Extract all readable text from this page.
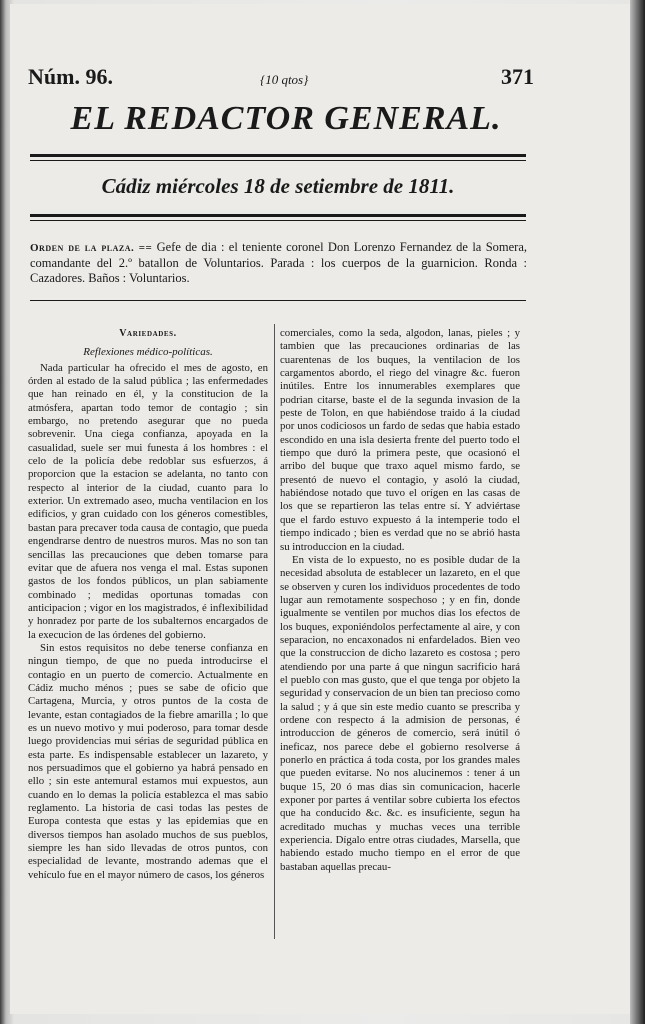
Núm. 96.	{10 qtos}	371
EL REDACTOR GENERAL.
Cádiz miércoles 18 de setiembre de 1811.
Orden de la plaza. == Gefe de dia : el teniente coronel Don Lorenzo Fernandez de la Somera, comandante del 2.º batallon de Voluntarios. Parada : los cuerpos de la guarnicion. Ronda : Cazadores. Baños : Voluntarios.
Variedades.
Reflexiones médico-políticas.

Nada particular ha ofrecido el mes de agosto, en órden al estado de la salud pública ; las enfermedades que han reinado en él, y la constitucion de la atmósfera, apartan todo temor de contagio ; sin embargo, no pretendo asegurar que no pueda sobrevenir. Una ciega confianza, apoyada en la casualidad, suele ser mui funesta á los hombres : el celo de la policía debe redoblar sus esfuerzos, á proporcion que la estacion se adelanta, no tanto con respecto al interior de la ciudad, cuanto para lo exterior. Un extremado aseo, mucha ventilacion en los edificios, y gran cuidado con los géneros comestibles, bastan para precaver toda causa de contagio, que pueda engendrarse dentro de nuestros muros. Mas no son tan sencillas las precauciones que deben tomarse para evitar que de afuera nos venga el mal. Estas suponen gastos de los fondos públicos, un plan sabiamente combinado ; medidas oportunas tomadas con anticipacion ; vigor en los magistrados, é inflexibilidad y honradez por parte de los subalternos encargados de la execucion de las órdenes del gobierno.

Sin estos requisitos no debe tenerse confianza en ningun tiempo, de que no pueda introducirse el contagio en un puerto de comercio. Actualmente en Cádiz mucho ménos ; pues se sabe de oficio que Cartagena, Murcia, y otros puntos de la costa de levante, estan contagiados de la fiebre amarilla ; lo que es un nuevo motivo y mui poderoso, para tomar desde luego providencias mui sérias de seguridad pública en esta parte. Es indispensable establecer un lazareto, y nos persuadimos que el gobierno ya habrá pensado en ello ; sin este antemural estamos mui expuestos, aun cuando en lo demas la policía establezca el mas sabio reglamento. La historia de casi todas las pestes de Europa contesta que estas y las epidemias que en diversos tiempos han asolado muchos de sus pueblos, siempre les han sido llevadas de otros puntos, con especialidad de levante, mostrando ademas que el vehículo fue en el mayor número de casos, los géneros

comerciales, como la seda, algodon, lanas, pieles ; y tambien que las precauciones ordinarias de las cuarentenas de los buques, la ventilacion de los cargamentos abordo, el riego del vinagre &c. fueron inútiles. Entre los innumerables exemplares que podrian citarse, baste el de la segunda invasion de la peste de Tolon, en que habiéndose traido á la ciudad por unos codiciosos un fardo de sedas que habia estado escondido en una isla desierta frente del puerto todo el tiempo que duró la primera peste, que ocasionó el arribo del buque que traxo aquel mismo fardo, se presentó de nuevo el contagio, y asoló la ciudad, habiéndose notado que tuvo el orígen en las casas de los que se repartieron las telas entre sí. Y adviértase que el fardo estuvo expuesto á la intemperie todo el tiempo indicado ; bien es verdad que no se abrió hasta su introduccion en la ciudad.

En vista de lo expuesto, no es posible dudar de la necesidad absoluta de establecer un lazareto, en el que se observen y curen los individuos procedentes de todo lugar aun remotamente sospechoso ; y en fin, donde igualmente se ventilen por muchos dias los efectos de los buques, exponiéndolos perfectamente al aire, y con separacion, no encaxonados ni enfardelados. Bien veo que la construccion de dicho lazareto es costosa ; pero atendiendo por una parte á que ningun sacrificio hará el pueblo con mas gusto, que el que tenga por objeto la seguridad y conservacion de un bien tan precioso como la salud ; y á que sin este medio cuanto se prescriba y ordene con respecto á la admision de personas, é introduccion de géneros de comercio, será inútil ó ineficaz, nos parece debe el gobierno resolverse á ponerlo en práctica á toda costa, por los grandes males que pueden evitarse. No nos alucinemos : tener á un buque 15, 20 ó mas dias sin comunicacion, hacerle exponer por partes á ventilar sobre cubierta los efectos que ha conducido &c. &c. es insuficiente, segun ha acreditado muchas y muchas veces una terrible experiencia. Dígalo entre otras ciudades, Marsella, que habiendo estado mucho tiempo en el error de que bastaban aquellas precau-
